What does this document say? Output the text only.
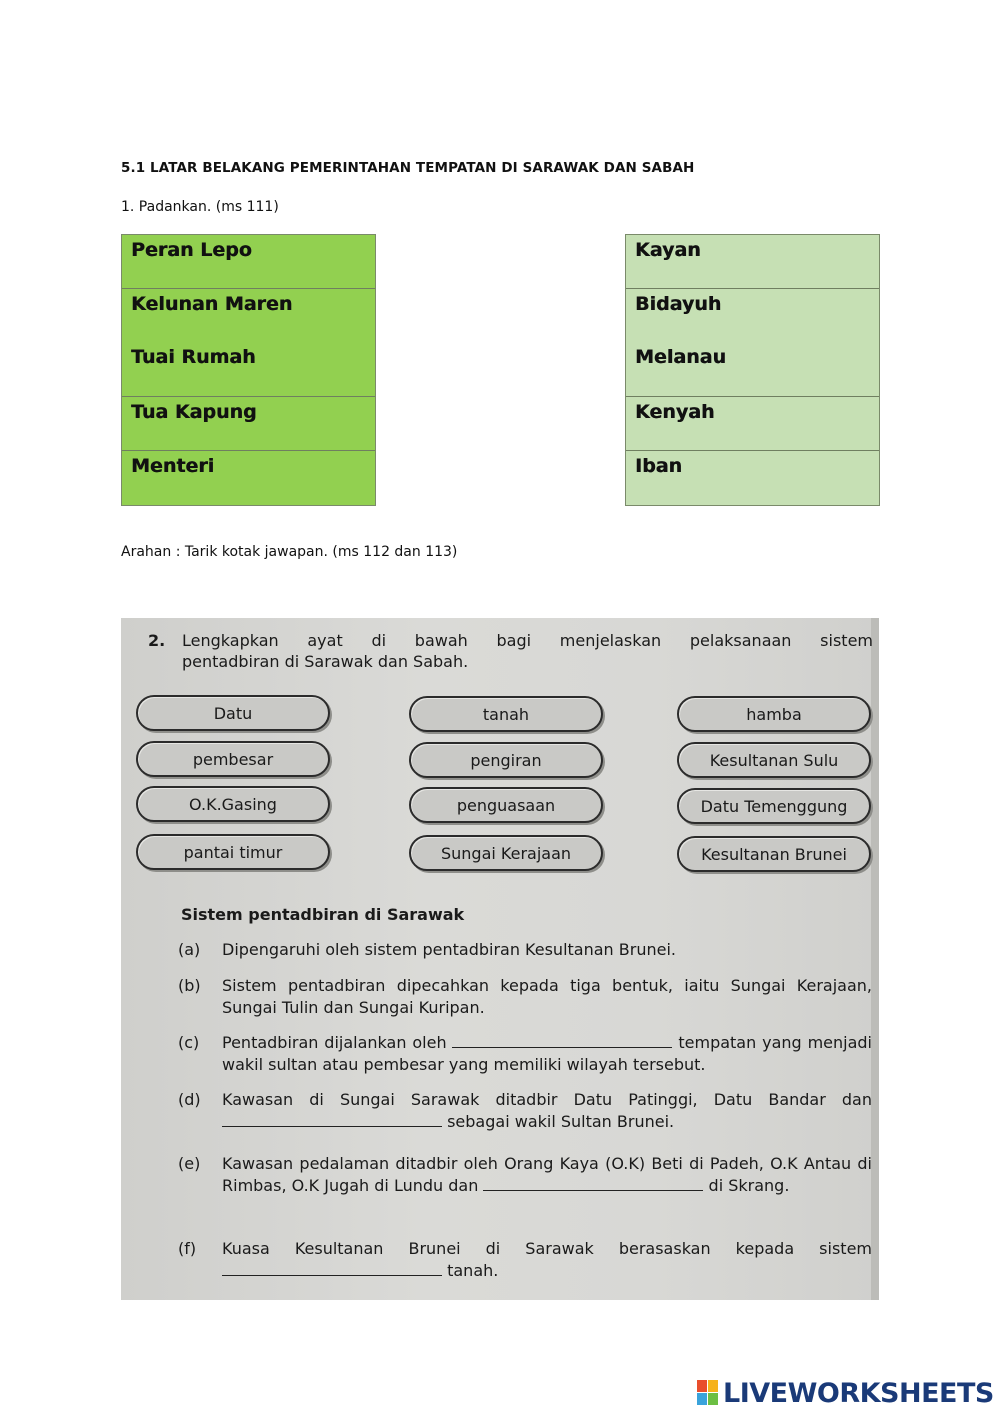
5.1 LATAR BELAKANG PEMERINTAHAN TEMPATAN DI SARAWAK DAN SABAH
1. Padankan. (ms 111)
Peran Lepo
Kelunan Maren
Tuai Rumah
Tua Kapung
Menteri
Kayan
Bidayuh
Melanau
Kenyah
Iban
Arahan : Tarik kotak jawapan. (ms 112 dan 113)
2. Lengkapkan ayat di bawah bagi menjelaskan pelaksanaan sistem
pentadbiran di Sarawak dan Sabah.
Datu	tanah	hamba
pembesar	pengiran	Kesultanan Sulu
O.K.Gasing	penguasaan	Datu Temenggung
pantai timur	Sungai Kerajaan	Kesultanan Brunei
Sistem pentadbiran di Sarawak
(a) Dipengaruhi oleh sistem pentadbiran Kesultanan Brunei.
(b) Sistem pentadbiran dipecahkan kepada tiga bentuk, iaitu Sungai Kerajaan, Sungai Tulin dan Sungai Kuripan.
(c) Pentadbiran dijalankan oleh	tempatan yang menjadi wakil sultan atau pembesar yang memiliki wilayah tersebut.
(d) Kawasan di Sungai Sarawak ditadbir Datu Patinggi, Datu Bandar dan  sebagai wakil Sultan Brunei.
(e) Kawasan pedalaman ditadbir oleh Orang Kaya (O.K) Beti di Padeh, O.K Antau di Rimbas, O.K Jugah di Lundu dan	di Skrang.
(f) Kuasa Kesultanan Brunei di Sarawak berasaskan kepada sistem  tanah.
LIVEWORKSHEETS
